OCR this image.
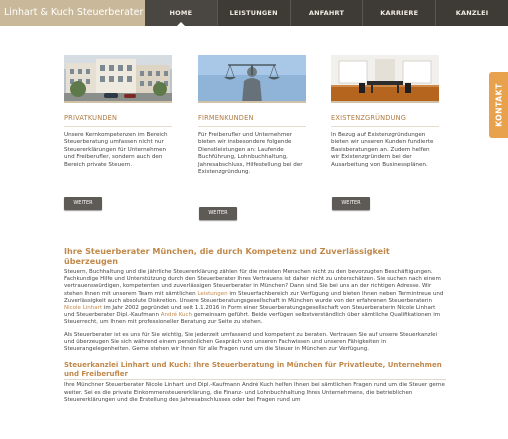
Linhart & Kuch Steuerberater	HOME	LEISTUNGEN	ANFAHRT	KARRIERE	KANZLEI
PRIVATKUNDEN
Unsere Kernkompetenzen im Bereich Steuerberatung umfassen nicht nur Steuererklärungen für Unternehmen und Freiberufler, sondern auch den Bereich private Steuern.
FIRMENKUNDEN
Für Freiberufler und Unternehmer bieten wir insbesondere folgende Dienstleistungen an: Laufende Buchführung, Lohnbuchhaltung, Jahresabschluss, Hilfestellung bei der Existenzgründung.
EXISTENZGRÜNDUNG
In Bezug auf Existenzgründungen bieten wir unseren Kunden fundierte Basisberatungen an. Zudem helfen wir Existenzgründern bei der Ausarbeitung von Businessplänen.
WEITER
WEITER
WEITER
KONTAKT
Ihre Steuerberater München, die durch Kompetenz und Zuverlässigkeit überzeugen

Steuern, Buchhaltung und die jährliche Steuererklärung zählen für die meisten Menschen nicht zu den bevorzugten Beschäftigungen. Fachkundige Hilfe und Unterstützung durch den Steuerberater Ihres Vertrauens ist daher nicht zu unterschätzen. Sie suchen nach einem vertrauenswürdigen, kompetenten und zuverlässigen Steuerberater in München? Dann sind Sie bei uns an der richtigen Adresse. Wir stehen Ihnen mit unserem Team mit sämtlichen Leistungen im Steuerfachbereich zur Verfügung und bieten Ihnen neben Termintreue und Zuverlässigkeit auch absolute Diskretion. Unsere Steuerberatungsgesellschaft in München wurde von der erfahrenen Steuerberaterin Nicole Linhart im Jahr 2002 gegründet und seit 1.1.2016 in Form einer Steuerberatungsgesellschaft von Steuerberaterin Nicole Linhart und Steuerberater Dipl.-Kaufmann André Kuch gemeinsam geführt. Beide verfügen selbstverständlich über sämtliche Qualifikationen im Steuerrecht, um Ihnen mit professioneller Beratung zur Seite zu stehen.

Als Steuerberater ist es uns für Sie wichtig, Sie jederzeit umfassend und kompetent zu beraten. Vertrauen Sie auf unsere Steuerkanzlei und überzeugen Sie sich während einem persönlichen Gespräch von unseren Fachwissen und unseren Fähigkeiten in Steuerangelegenheiten. Gerne stehen wir Ihnen für alle Fragen rund um die Steuer in München zur Verfügung.

Steuerkanzlei Linhart und Kuch: Ihre Steuerberatung in München für Privatleute, Unternehmen und Freiberufler

Ihre Münchner Steuerberater Nicole Linhart und Dipl.-Kaufmann André Kuch helfen Ihnen bei sämtlichen Fragen rund um die Steuer gerne weiter. Sei es die private Einkommensteuererklärung, die Finanz- und Lohnbuchhaltung Ihres Unternehmens, die betrieblichen Steuererklärungen und die Erstellung des Jahresabschlusses oder bei Fragen rund um
